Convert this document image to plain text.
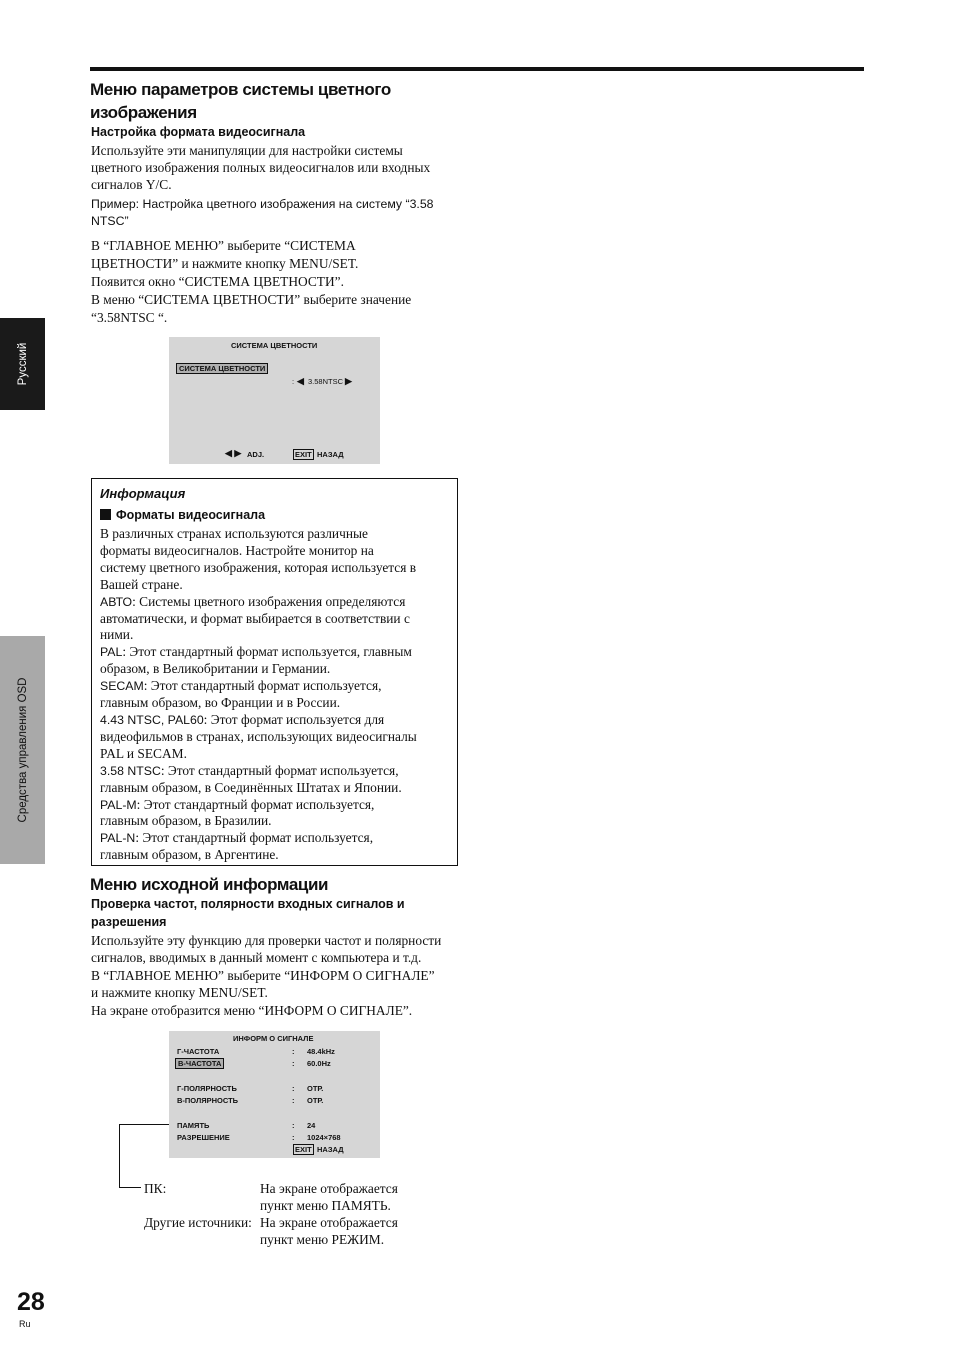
Русский
Средства управления OSD
Меню параметров системы цветного
изображения
Настройка формата видеосигнала
Используйте эти манипуляции для настройки системы
цветного изображения полных видеосигналов или входных
сигналов Y/C.
Пример: Настройка цветного изображения на систему “3.58
NTSC”
В “ГЛАВНОЕ МЕНЮ” выберите “СИСТЕМА
ЦВЕТНОСТИ” и нажмите кнопку MENU/SET.
Появится окно “СИСТЕМА ЦВЕТНОСТИ”.
В меню “СИСТЕМА ЦВЕТНОСТИ” выберите значение
“3.58NTSC “.
СИСТЕМА ЦВЕТНОСТИ
СИСТЕМА ЦВЕТНОСТИ
: ◀ 3.58NTSC ▶
◀ ▶ ADJ.	EXIT НАЗАД
Информация
Форматы видеосигнала
В различных странах используются различные
форматы видеосигналов. Настройте монитор на
систему цветного изображения, которая используется в
Вашей стране.
АВТО: Системы цветного изображения определяются
автоматически, и формат выбирается в соответствии с
ними.
PAL: Этот стандартный формат используется, главным
образом, в Великобритании и Германии.
SECAM: Этот стандартный формат используется,
главным образом, во Франции и в России.
4.43 NTSC, PAL60: Этот формат используется для
видеофильмов в странах, использующих видеосигналы
PAL и SECAM.
3.58 NTSC: Этот стандартный формат используется,
главным образом, в Соединённых Штатах и Японии.
PAL-M: Этот стандартный формат используется,
главным образом, в Бразилии.
PAL-N: Этот стандартный формат используется,
главным образом, в Аргентине.
Меню исходной информации
Проверка частот, полярности входных сигналов и
разрешения
Используйте эту функцию для проверки частот и полярности
сигналов, вводимых в данный момент с компьютера и т.д.
В “ГЛАВНОЕ МЕНЮ” выберите “ИНФОРМ О СИГНАЛЕ”
и нажмите кнопку MENU/SET.
На экране отобразится меню “ИНФОРМ О СИГНАЛЕ”.
ИНФОРМ О СИГНАЛЕ
Г-ЧАСТОТА	: 48.4kHz
В-ЧАСТОТА	: 60.0Hz
Г-ПОЛЯРНОСТЬ	: ОТР.
В-ПОЛЯРНОСТЬ	: ОТР.
ПАМЯТЬ	: 24
РАЗРЕШЕНИЕ	: 1024×768
EXIT НАЗАД
ПК:	На экране отображается
пункт меню ПАМЯТЬ.
Другие источники: На экране отображается
пункт меню РЕЖИМ.
28
Ru
